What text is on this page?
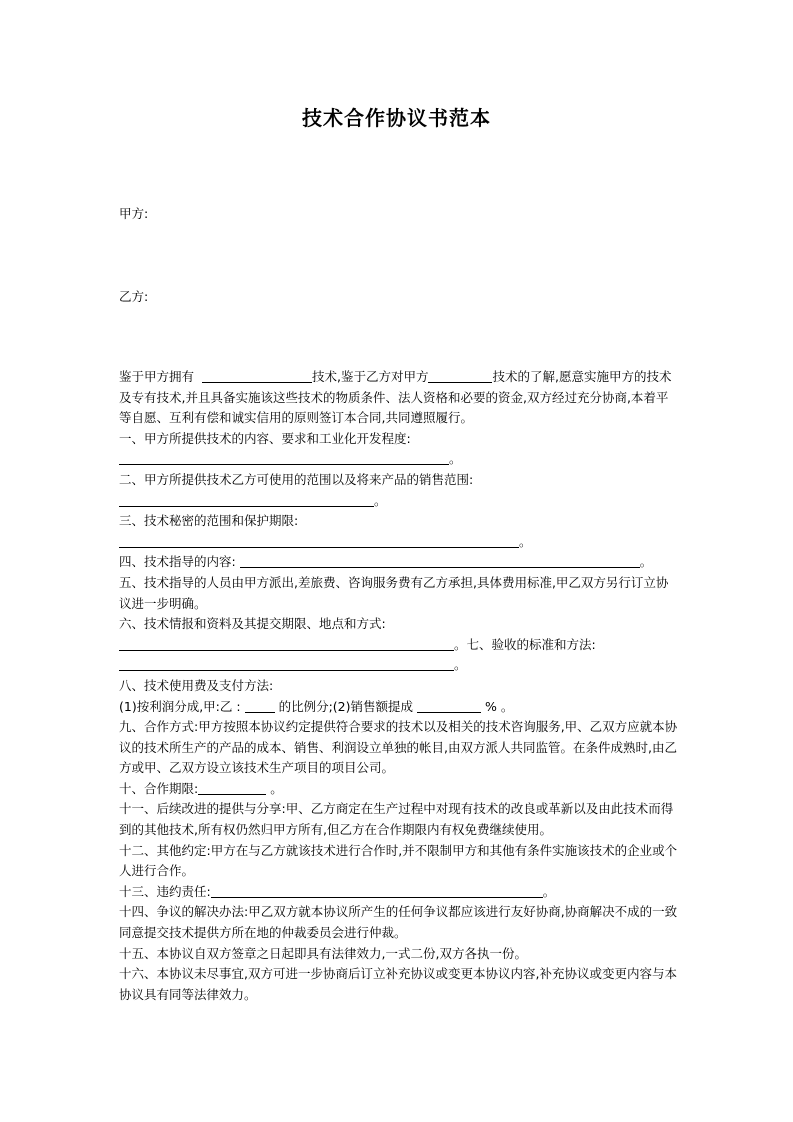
技术合作协议书范本
甲方:
乙方:

鉴于甲方拥有	技术,鉴于乙方对甲方	技术的了解,愿意实施甲方的技术及专有技术,并且具备实施该这些技术的物质条件、法人资格和必要的资金,双方经过充分协商,本着平等自愿、互利有偿和诚实信用的原则签订本合同,共同遵照履行。

一、甲方所提供技术的内容、要求和工业化开发程度:

。

二、甲方所提供技术乙方可使用的范围以及将来产品的销售范围:

。

三、技术秘密的范围和保护期限:

。

四、技术指导的内容:	。

五、技术指导的人员由甲方派出,差旅费、咨询服务费有乙方承担,具体费用标准,甲乙双方另行订立协议进一步明确。

六、技术情报和资料及其提交期限、地点和方式:

。七、验收的标准和方法:

。

八、技术使用费及支付方法:

(1)按利润分成,甲:乙 :	的比例分;(2)销售额提成	% 。

九、合作方式:甲方按照本协议约定提供符合要求的技术以及相关的技术咨询服务,甲、乙双方应就本协议的技术所生产的产品的成本、销售、利润设立单独的帐目,由双方派人共同监管。在条件成熟时,由乙方或甲、乙双方设立该技术生产项目的项目公司。

十、合作期限:	。

十一、后续改进的提供与分享:甲、乙方商定在生产过程中对现有技术的改良或革新以及由此技术而得到的其他技术,所有权仍然归甲方所有,但乙方在合作期限内有权免费继续使用。

十二、其他约定:甲方在与乙方就该技术进行合作时,并不限制甲方和其他有条件实施该技术的企业或个人进行合作。

十三、违约责任:	。

十四、争议的解决办法:甲乙双方就本协议所产生的任何争议都应该进行友好协商,协商解决不成的一致同意提交技术提供方所在地的仲裁委员会进行仲裁。

十五、本协议自双方签章之日起即具有法律效力,一式二份,双方各执一份。

十六、本协议未尽事宜,双方可进一步协商后订立补充协议或变更本协议内容,补充协议或变更内容与本协议具有同等法律效力。
